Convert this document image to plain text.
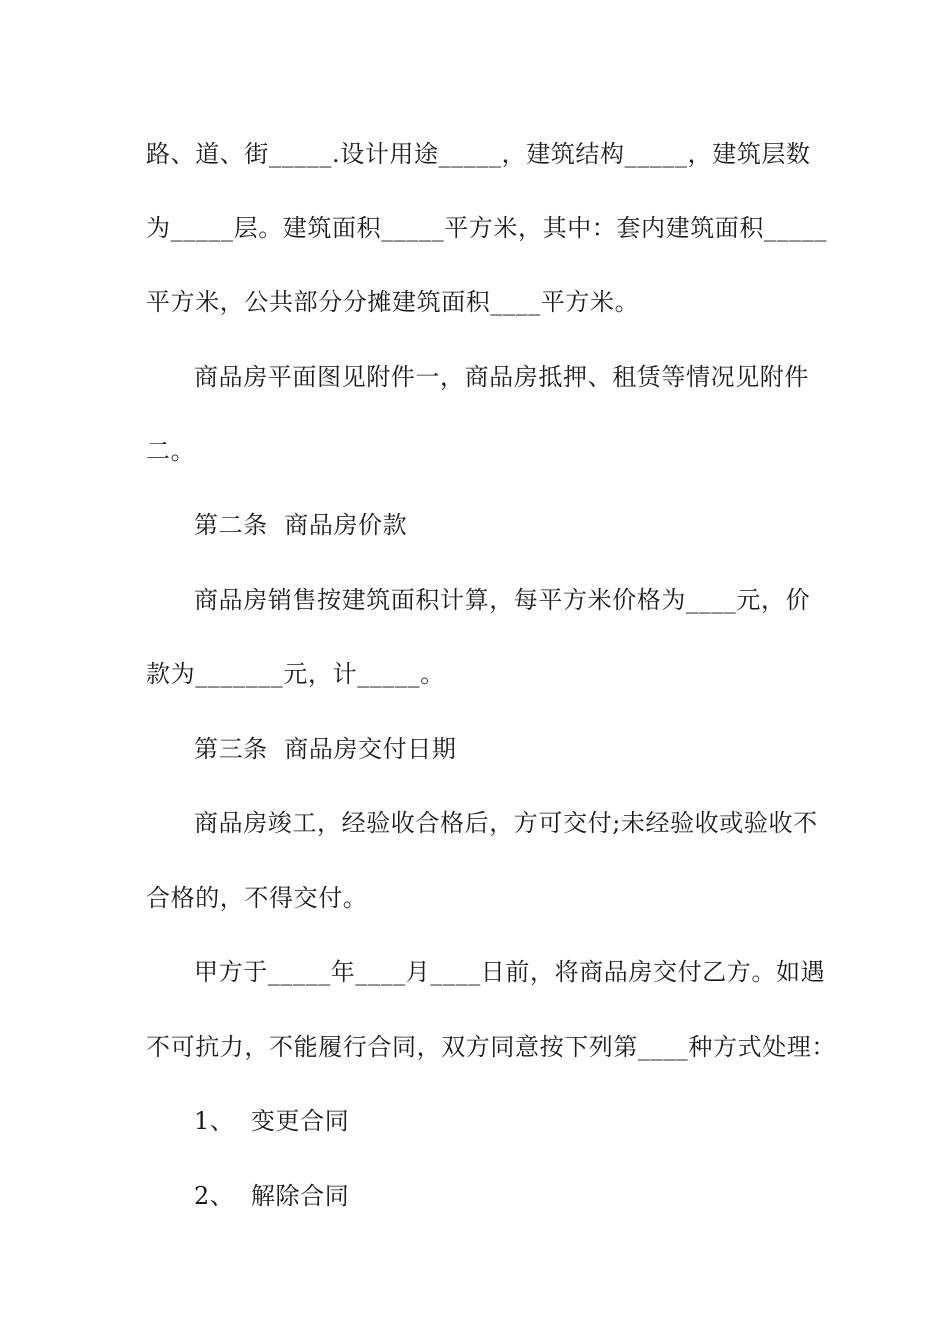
路、道、街_____.设计用途_____，建筑结构_____，建筑层数
为_____层。建筑面积_____平方米，其中：套内建筑面积_____
平方米，公共部分分摊建筑面积____平方米。
商品房平面图见附件一，商品房抵押、租赁等情况见附件
二。
第二条  商品房价款
商品房销售按建筑面积计算，每平方米价格为____元，价
款为_______元，计_____。
第三条  商品房交付日期
商品房竣工，经验收合格后，方可交付;未经验收或验收不
合格的，不得交付。
甲方于_____年____月____日前，将商品房交付乙方。如遇
不可抗力，不能履行合同，双方同意按下列第____种方式处理：
1、  变更合同
2、  解除合同
